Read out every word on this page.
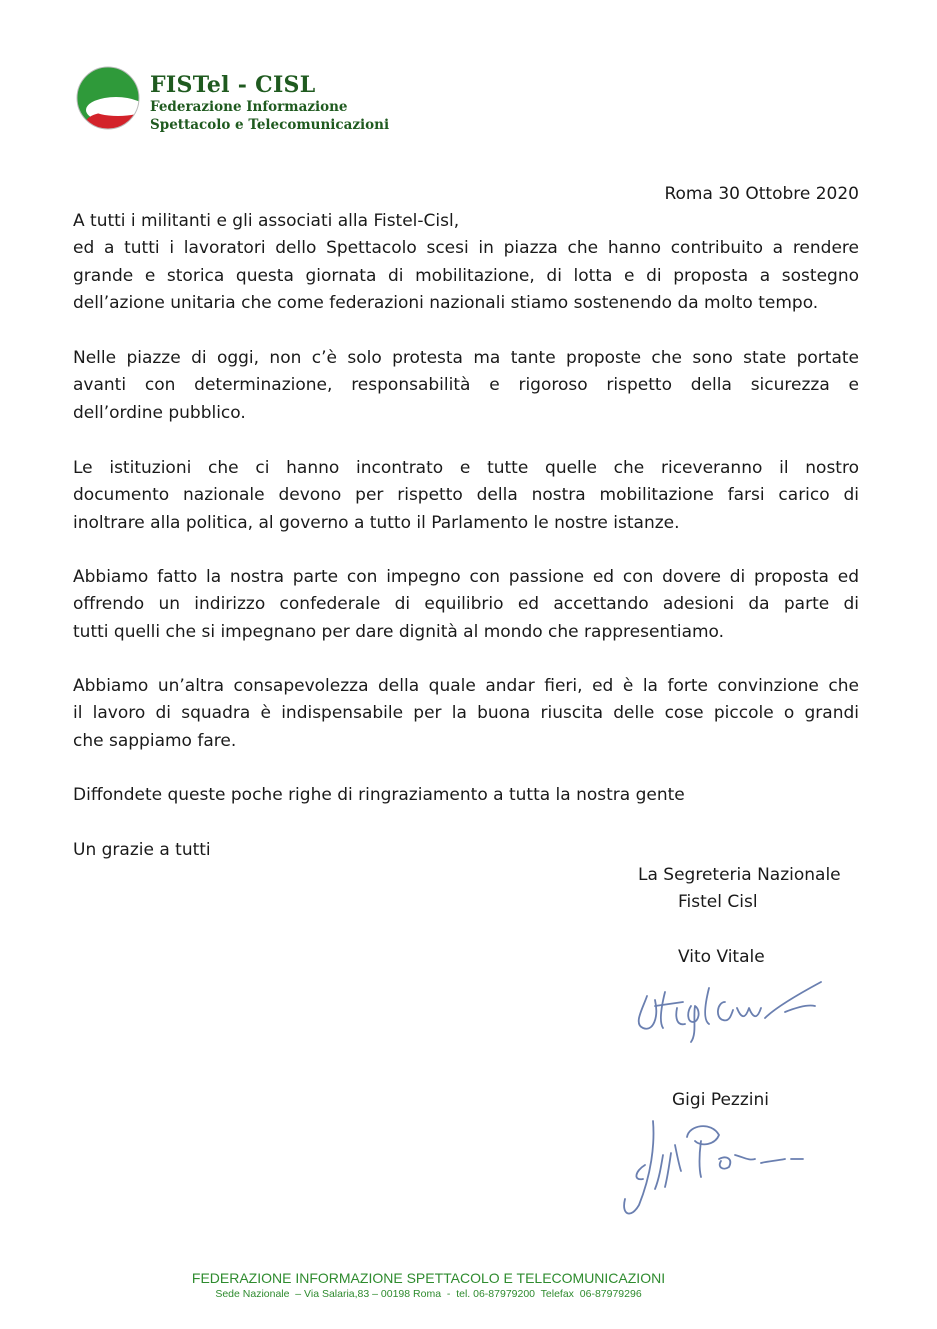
FISTel - CISL
Federazione Informazione
Spettacolo e Telecomunicazioni
Roma 30 Ottobre 2020
A tutti i militanti e gli associati alla Fistel-Cisl,
ed a tutti i lavoratori dello Spettacolo scesi in piazza che hanno contribuito a rendere
grande e storica questa giornata di mobilitazione, di lotta e di proposta a sostegno
dell’azione unitaria che come federazioni nazionali stiamo sostenendo da molto tempo.
Nelle piazze di oggi, non c’è solo protesta ma tante proposte che sono state portate
avanti con determinazione, responsabilità e rigoroso rispetto della sicurezza e
dell’ordine pubblico.
Le istituzioni che ci hanno incontrato e tutte quelle che riceveranno il nostro
documento nazionale devono per rispetto della nostra mobilitazione farsi carico di
inoltrare alla politica, al governo a tutto il Parlamento le nostre istanze.
Abbiamo fatto la nostra parte con impegno con passione ed con dovere di proposta ed
offrendo un indirizzo confederale di equilibrio ed accettando adesioni da parte di
tutti quelli che si impegnano per dare dignità al mondo che rappresentiamo.
Abbiamo un’altra consapevolezza della quale andar fieri, ed è la forte convinzione che
il lavoro di squadra è indispensabile per la buona riuscita delle cose piccole o grandi
che sappiamo fare.
Diffondete queste poche righe di ringraziamento a tutta la nostra gente
Un grazie a tutti
La Segreteria Nazionale
Fistel Cisl
Vito Vitale
Gigi Pezzini
FEDERAZIONE INFORMAZIONE SPETTACOLO E TELECOMUNICAZIONI
Sede Nazionale  – Via Salaria,83 – 00198 Roma  -  tel. 06-87979200  Telefax  06-87979296
